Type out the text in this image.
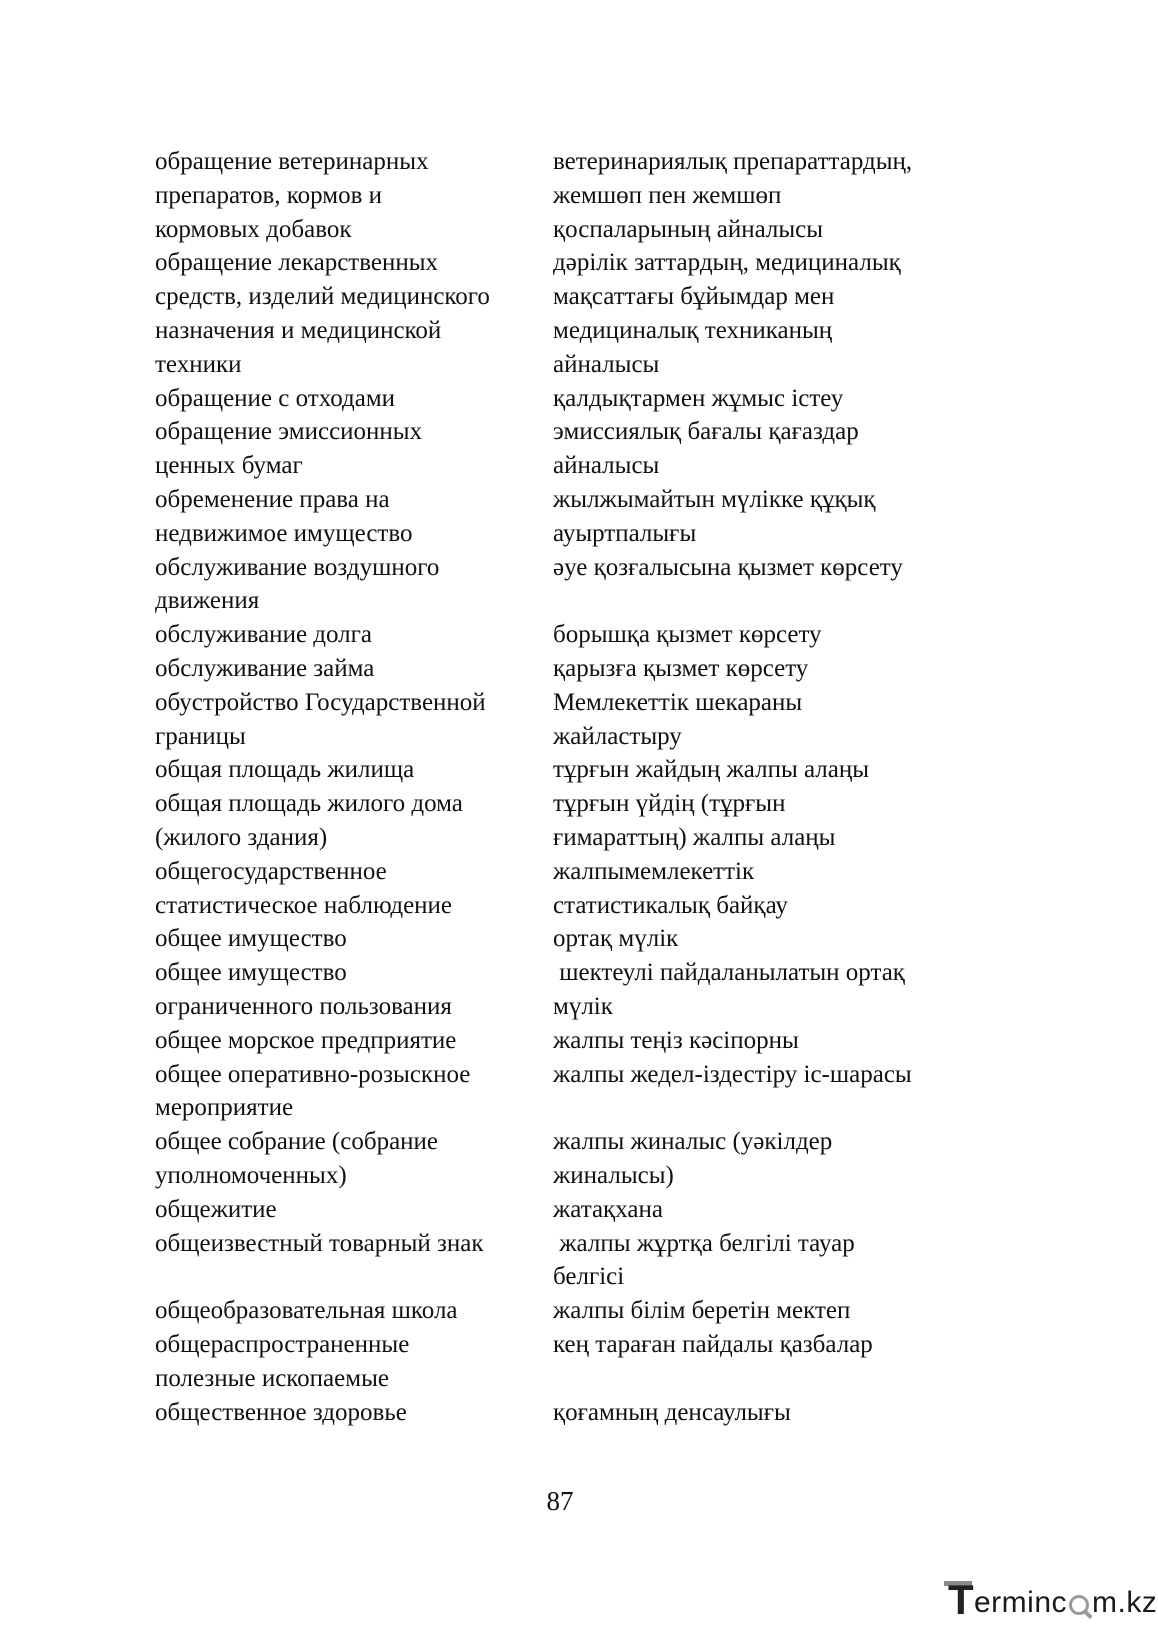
обращение ветеринарных	ветеринариялық препараттардың,
препаратов, кормов и	жемшөп пен жемшөп
кормовых добавок	қоспаларының айналысы
обращение лекарственных	дәрілік заттардың, медициналық
средств, изделий медицинского	мақсаттағы бұйымдар мен
назначения и медицинской	медициналық техниканың
техники	айналысы
обращение с отходами	қалдықтармен жұмыс істеу
обращение эмиссионных	эмиссиялық бағалы қағаздар
ценных бумаг	айналысы
обременение права на	жылжымайтын мүлікке құқық
недвижимое имущество	ауыртпалығы
обслуживание воздушного	әуе қозғалысына қызмет көрсету
движения
обслуживание долга	борышқа қызмет көрсету
обслуживание займа	қарызға қызмет көрсету
обустройство Государственной	Мемлекеттік шекараны
границы	жайластыру
общая площадь жилища	тұрғын жайдың жалпы алаңы
общая площадь жилого дома	тұрғын үйдің (тұрғын
(жилого здания)	ғимараттың) жалпы алаңы
общегосударственное	жалпымемлекеттік
статистическое наблюдение	статистикалық байқау
общее имущество	ортақ мүлік
общее имущество	шектеулі пайдаланылатын ортақ
ограниченного пользования	мүлік
общее морское предприятие	жалпы теңіз кәсіпорны
общее оперативно-розыскное	жалпы жедел-іздестіру іс-шарасы
мероприятие
общее собрание (собрание	жалпы жиналыс (уәкілдер
уполномоченных)	жиналысы)
общежитие	жатақхана
общеизвестный товарный знак	жалпы жұртқа белгілі тауар
белгісі
общеобразовательная школа	жалпы білім беретін мектеп
общераспространенные	кең тараған пайдалы қазбалар
полезные ископаемые
общественное здоровье	қоғамның денсаулығы
87
T erminc m.kz
